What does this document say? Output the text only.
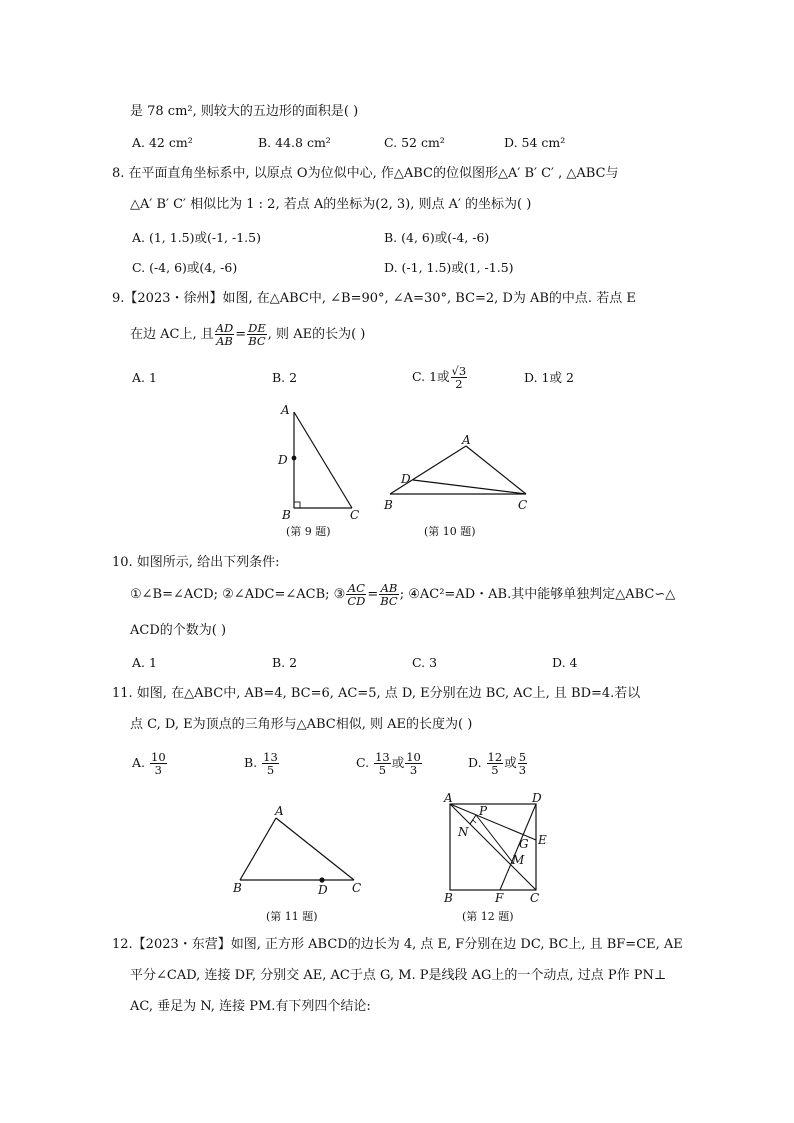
是 78 cm², 则较大的五边形的面积是( )
A. 42 cm²	B. 44.8 cm²	C. 52 cm²	D. 54 cm²
8. 在平面直角坐标系中, 以原点 O为位似中心, 作△ABC的位似图形△A′ B′ C′ , △ABC与
△A′ B′ C′ 相似比为 1 : 2, 若点 A的坐标为(2, 3), 则点 A′ 的坐标为( )
A. (1, 1.5)或(-1, -1.5)	B. (4, 6)或(-4, -6)
C. (-4, 6)或(4, -6)	D. (-1, 1.5)或(1, -1.5)
9.【2023・徐州】如图, 在△ABC中, ∠B=90°, ∠A=30°, BC=2, D为 AB的中点. 若点 E
在边 AC上, 且 $\frac{AD}{AB} = \frac{DE}{BC}$ , 则 AE的长为( )
A. 1	B. 2	C. 1或 $\frac{√3}{2}$	D. 1或 2
A
D
B	C
(第 9 题)
A
D
B	C
(第 10 题)
10. 如图所示, 给出下列条件:
①∠B=∠ACD; ②∠ADC=∠ACB; ③ $\frac{AC}{CD} = \frac{AB}{BC}$ ; ④AC²=AD・AB.其中能够单独判定△ABC∽△
ACD的个数为( )
A. 1	B. 2	C. 3	D. 4
11. 如图, 在△ABC中, AB=4, BC=6, AC=5, 点 D, E分别在边 BC, AC上, 且 BD=4.若以
点 C, D, E为顶点的三角形与△ABC相似, 则 AE的长度为( )
A. $\frac{10}{3}$	B. $\frac{13}{5}$	C. $\frac{13}{5}$ 或 $\frac{10}{3}$	D. $\frac{12}{5}$ 或 $\frac{5}{3}$
A
B	D C
(第 11 题)
A	D
P
N
E
G
M
B	F C
(第 12 题)
12.【2023・东营】如图, 正方形 ABCD的边长为 4, 点 E, F分别在边 DC, BC上, 且 BF=CE, AE
平分∠CAD, 连接 DF, 分别交 AE, AC于点 G, M. P是线段 AG上的一个动点, 过点 P作 PN⊥
AC, 垂足为 N, 连接 PM.有下列四个结论:
